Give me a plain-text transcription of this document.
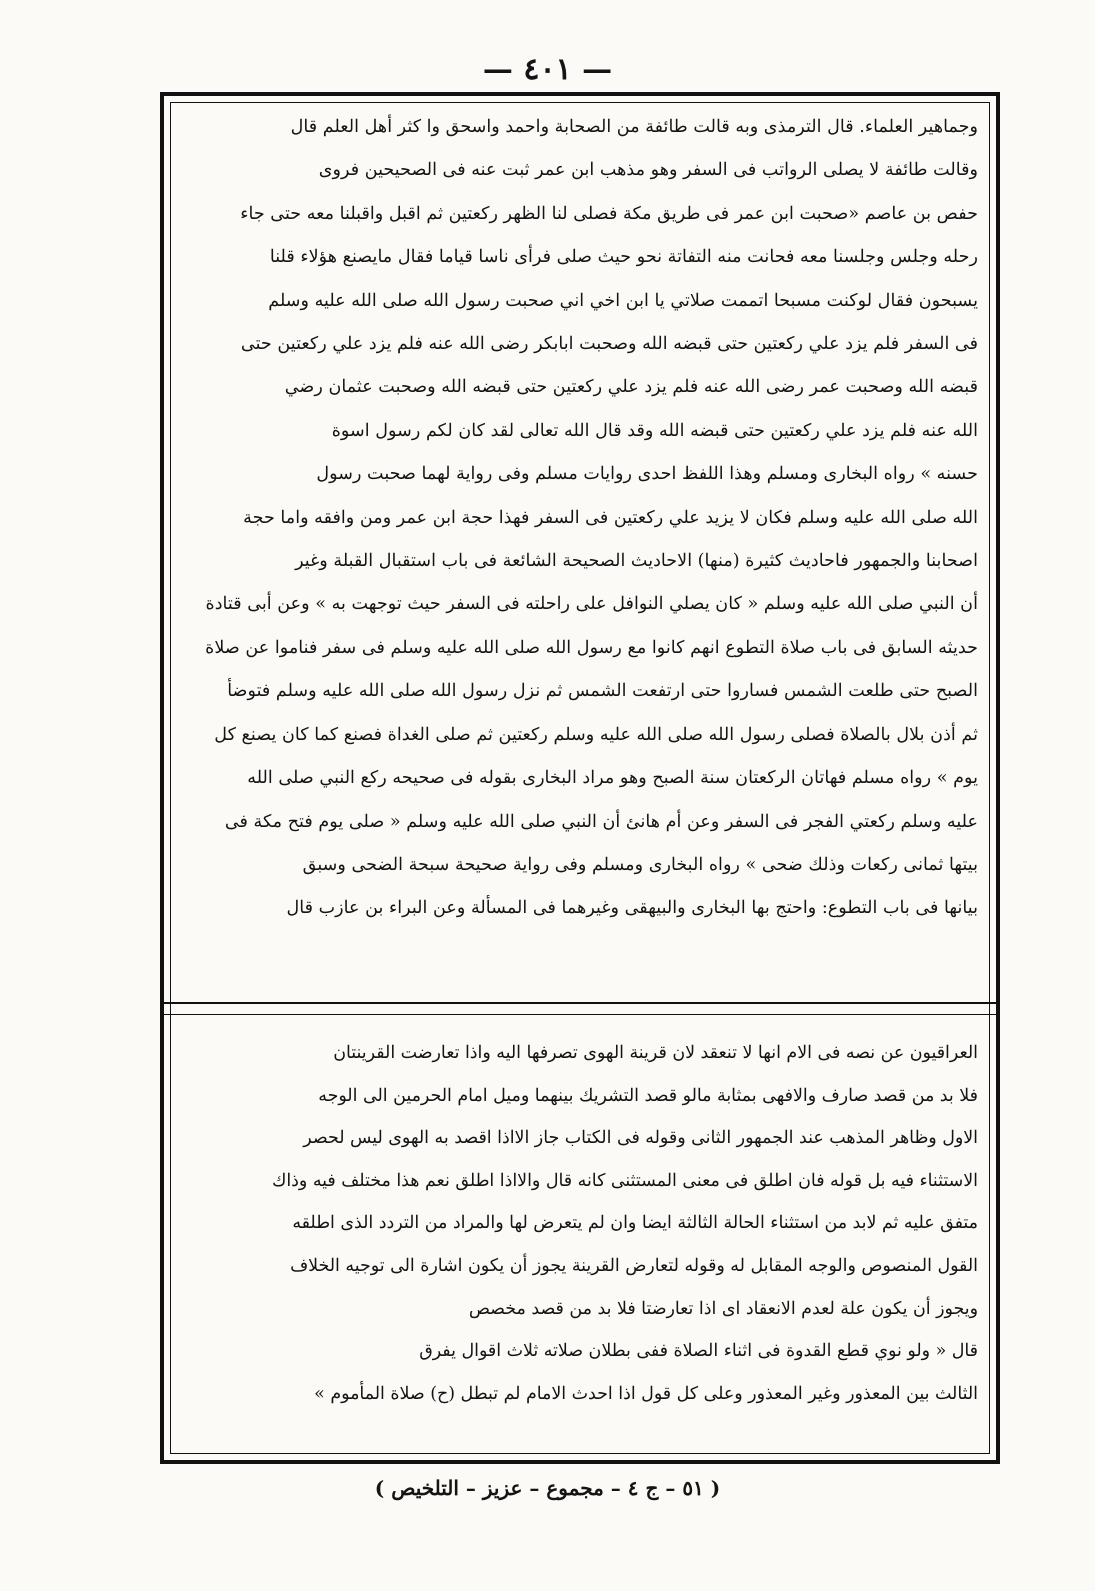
— ٤٠١ —
وجماهير العلماء. قال الترمذى وبه قالت طائفة من الصحابة واحمد واسحق وا كثر أهل العلم قال
وقالت طائفة لا يصلى الرواتب فى السفر وهو مذهب ابن عمر ثبت عنه فى الصحيحين فروى
حفص بن عاصم «صحبت ابن عمر فى طريق مكة فصلى لنا الظهر ركعتين ثم اقبل واقبلنا معه حتى جاء
رحله وجلس وجلسنا معه فحانت منه التفاتة نحو حيث صلى فرأى ناسا قياما فقال مايصنع هؤلاء قلنا
يسبحون فقال لوكنت مسبحا اتممت صلاتي يا ابن اخي اني صحبت رسول الله صلى الله عليه وسلم
فى السفر فلم يزد علي ركعتين حتى قبضه الله وصحبت ابابكر رضى الله عنه فلم يزد علي ركعتين حتى
قبضه الله وصحبت عمر رضى الله عنه فلم يزد علي ركعتين حتى قبضه الله وصحبت عثمان رضي
الله عنه فلم يزد علي ركعتين حتى قبضه الله وقد قال الله تعالى لقد كان لكم رسول اسوة
حسنه » رواه البخارى ومسلم وهذا اللفظ احدى روايات مسلم وفى رواية لهما صحبت رسول
الله صلى الله عليه وسلم فكان لا يزيد علي ركعتين فى السفر فهذا حجة ابن عمر ومن وافقه واما حجة
اصحابنا والجمهور فاحاديث كثيرة (منها) الاحاديث الصحيحة الشائعة فى باب استقبال القبلة وغير
أن النبي صلى الله عليه وسلم « كان يصلي النوافل على راحلته فى السفر حيث توجهت به » وعن أبى قتادة
حديثه السابق فى باب صلاة التطوع انهم كانوا مع رسول الله صلى الله عليه وسلم فى سفر فناموا عن صلاة
الصبح حتى طلعت الشمس فساروا حتى ارتفعت الشمس ثم نزل رسول الله صلى الله عليه وسلم فتوضأ
ثم أذن بلال بالصلاة فصلى رسول الله صلى الله عليه وسلم ركعتين ثم صلى الغداة فصنع كما كان يصنع كل
يوم » رواه مسلم فهاتان الركعتان سنة الصبح وهو مراد البخارى بقوله فى صحيحه ركع النبي صلى الله
عليه وسلم ركعتي الفجر فى السفر وعن أم هانئ أن النبي صلى الله عليه وسلم « صلى يوم فتح مكة فى
بيتها ثمانى ركعات وذلك ضحى » رواه البخارى ومسلم وفى رواية صحيحة سبحة الضحى وسبق
بيانها فى باب التطوع: واحتج بها البخارى والبيهقى وغيرهما فى المسألة وعن البراء بن عازب قال
العراقيون عن نصه فى الام انها لا تنعقد لان قرينة الهوى تصرفها اليه واذا تعارضت القرينتان
فلا بد من قصد صارف والافهى بمثابة مالو قصد التشريك بينهما وميل امام الحرمين الى الوجه
الاول وظاهر المذهب عند الجمهور الثانى وقوله فى الكتاب جاز الااذا اقصد به الهوى ليس لحصر
الاستثناء فيه بل قوله فان اطلق فى معنى المستثنى كانه قال والااذا اطلق نعم هذا مختلف فيه وذاك
متفق عليه ثم لابد من استثناء الحالة الثالثة ايضا وان لم يتعرض لها والمراد من التردد الذى اطلقه
القول المنصوص والوجه المقابل له وقوله لتعارض القرينة يجوز أن يكون اشارة الى توجيه الخلاف
ويجوز أن يكون علة لعدم الانعقاد اى اذا تعارضتا فلا بد من قصد مخصص
قال « ولو نوي قطع القدوة فى اثناء الصلاة ففى بطلان صلاته ثلاث اقوال يفرق
الثالث بين المعذور وغير المعذور وعلى كل قول اذا احدث الامام لم تبطل (ح) صلاة المأموم »
( ٥١ – ج ٤ – مجموع – عزيز – التلخيص )
